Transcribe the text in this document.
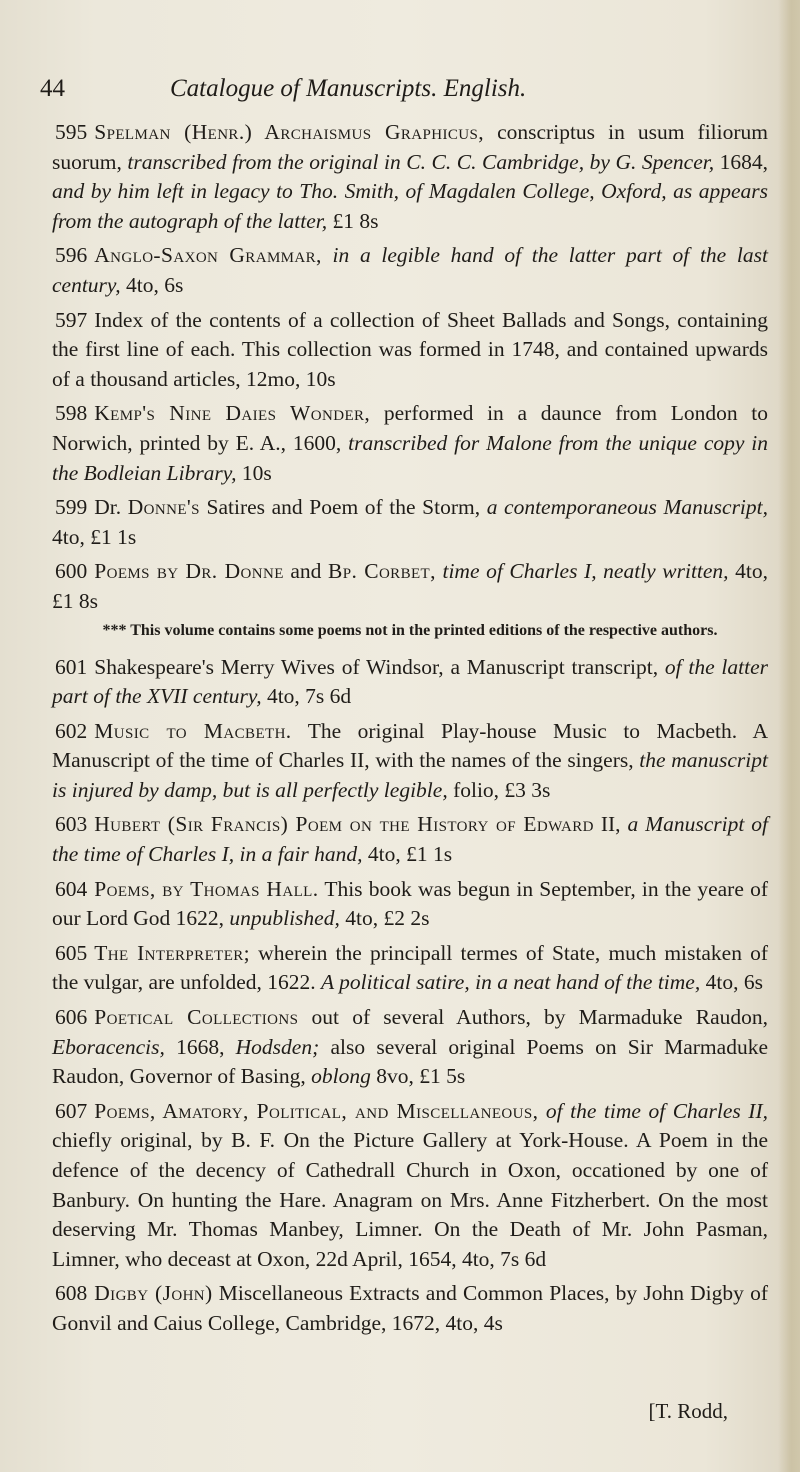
44	Catalogue of Manuscripts. English.

595 Spelman (Henr.) Archaismus Graphicus, conscriptus in usum filiorum suorum, transcribed from the original in C. C. C. Cambridge, by G. Spencer, 1684, and by him left in legacy to Tho. Smith, of Magdalen College, Oxford, as appears from the autograph of the latter, £1 8s

596 Anglo-Saxon Grammar, in a legible hand of the latter part of the last century, 4to, 6s

597 Index of the contents of a collection of Sheet Ballads and Songs, containing the first line of each. This collection was formed in 1748, and contained upwards of a thousand articles, 12mo, 10s

598 Kemp's Nine Daies Wonder, performed in a daunce from London to Norwich, printed by E. A., 1600, transcribed for Malone from the unique copy in the Bodleian Library, 10s

599 Dr. Donne's Satires and Poem of the Storm, a contemporaneous Manuscript, 4to, £1 1s

600 Poems by Dr. Donne and Bp. Corbet, time of Charles I, neatly written, 4to, £1 8s

*** This volume contains some poems not in the printed editions of the respective authors.

601 Shakespeare's Merry Wives of Windsor, a Manuscript transcript, of the latter part of the XVII century, 4to, 7s 6d

602 Music to Macbeth. The original Play-house Music to Macbeth. A Manuscript of the time of Charles II, with the names of the singers, the manuscript is injured by damp, but is all perfectly legible, folio, £3 3s

603 Hubert (Sir Francis) Poem on the History of Edward II, a Manuscript of the time of Charles I, in a fair hand, 4to, £1 1s

604 Poems, by Thomas Hall. This book was begun in September, in the yeare of our Lord God 1622, unpublished, 4to, £2 2s

605 The Interpreter; wherein the principall termes of State, much mistaken of the vulgar, are unfolded, 1622. A political satire, in a neat hand of the time, 4to, 6s

606 Poetical Collections out of several Authors, by Marmaduke Raudon, Eboracencis, 1668, Hodsden; also several original Poems on Sir Marmaduke Raudon, Governor of Basing, oblong 8vo, £1 5s

607 Poems, Amatory, Political, and Miscellaneous, of the time of Charles II, chiefly original, by B. F. On the Picture Gallery at York-House. A Poem in the defence of the decency of Cathedrall Church in Oxon, occationed by one of Banbury. On hunting the Hare. Anagram on Mrs. Anne Fitzherbert. On the most deserving Mr. Thomas Manbey, Limner. On the Death of Mr. John Pasman, Limner, who deceast at Oxon, 22d April, 1654, 4to, 7s 6d

608 Digby (John) Miscellaneous Extracts and Common Places, by John Digby of Gonvil and Caius College, Cambridge, 1672, 4to, 4s

[T. Rodd,
